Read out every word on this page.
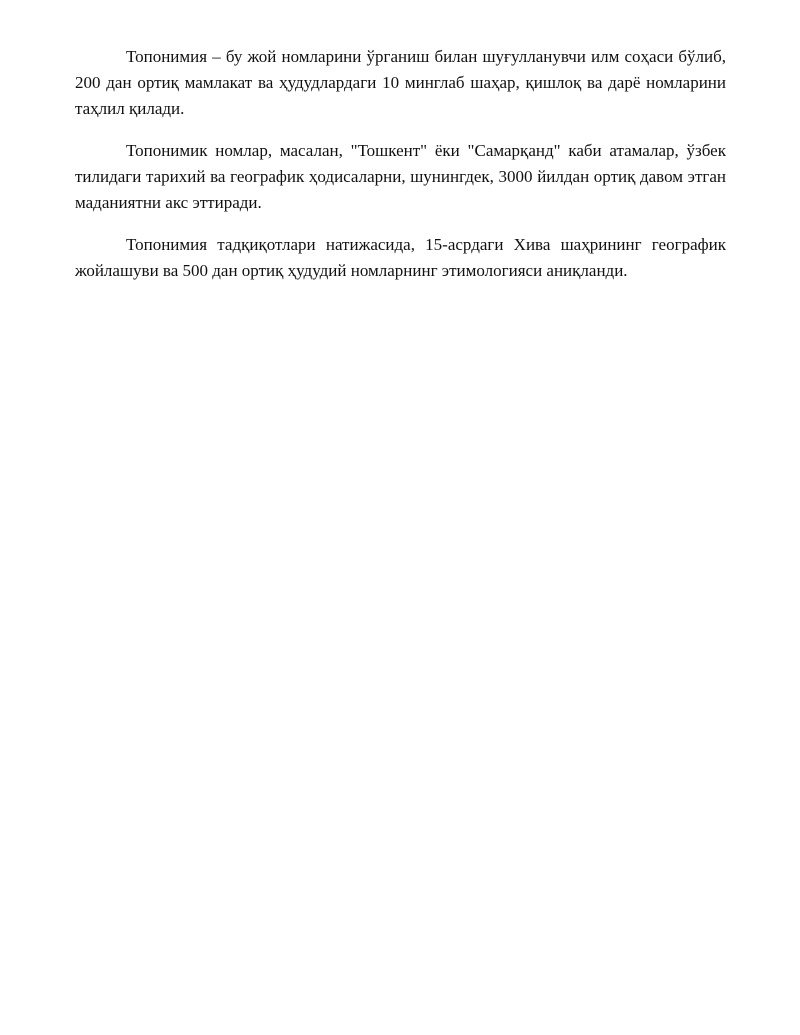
Топонимия – бу жой номларини ўрганиш билан шуғулланувчи илм соҳаси бўлиб, 200 дан ортиқ мамлакат ва ҳудудлардаги 10 минглаб шаҳар, қишлоқ ва дарё номларини таҳлил қилади.

Топонимик номлар, масалан, "Тошкент" ёки "Самарқанд" каби атамалар, ўзбек тилидаги тарихий ва географик ҳодисаларни, шунингдек, 3000 йилдан ортиқ давом этган маданиятни акс эттиради.

Топонимия тадқиқотлари натижасида, 15-асрдаги Хива шаҳрининг географик жойлашуви ва 500 дан ортиқ ҳудудий номларнинг этимологияси аниқланди.
